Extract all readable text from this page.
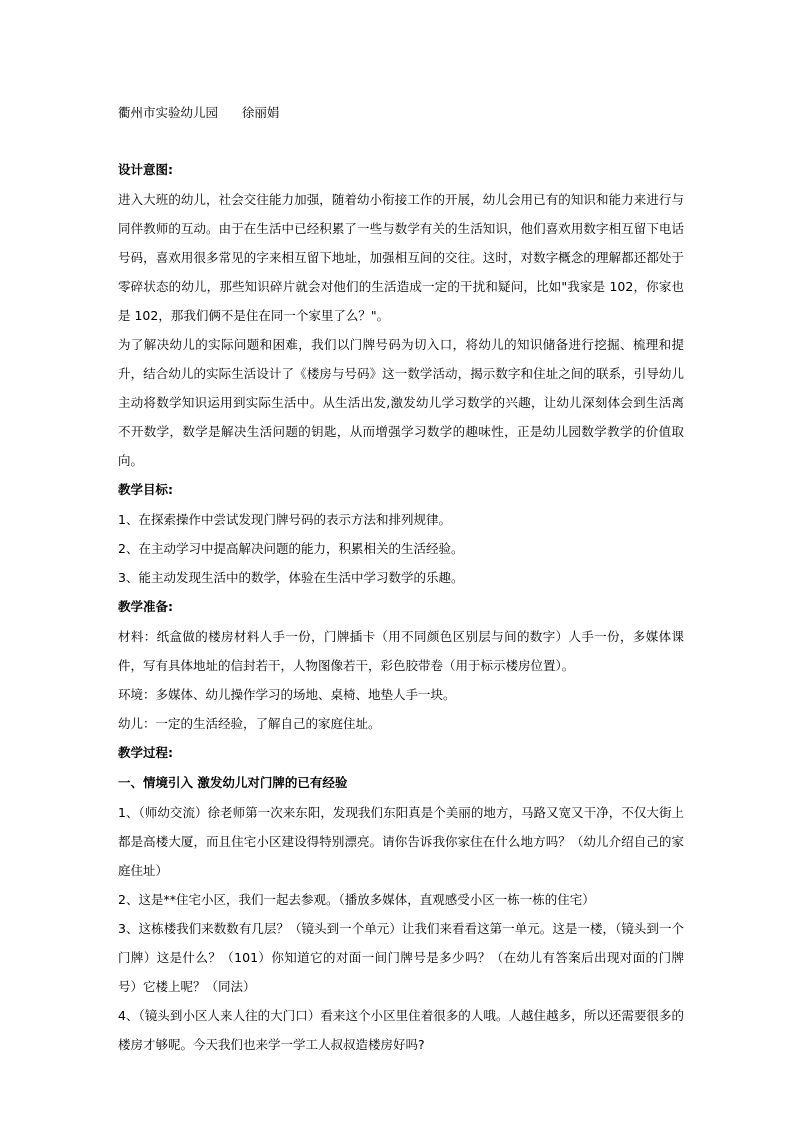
衢州市实验幼儿园 徐丽娟
设计意图:

进入大班的幼儿，社会交往能力加强，随着幼小衔接工作的开展，幼儿会用已有的知识和能力来进行与同伴教师的互动。由于在生活中已经积累了一些与数学有关的生活知识，他们喜欢用数字相互留下电话号码，喜欢用很多常见的字来相互留下地址，加强相互间的交往。这时，对数字概念的理解都还都处于零碎状态的幼儿，那些知识碎片就会对他们的生活造成一定的干扰和疑问，比如"我家是 102，你家也是 102，那我们俩不是住在同一个家里了么？"。

为了解决幼儿的实际问题和困难，我们以门牌号码为切入口，将幼儿的知识储备进行挖掘、梳理和提升，结合幼儿的实际生活设计了《楼房与号码》这一数学活动，揭示数字和住址之间的联系，引导幼儿主动将数学知识运用到实际生活中。从生活出发,激发幼儿学习数学的兴趣，让幼儿深刻体会到生活离不开数学，数学是解决生活问题的钥匙，从而增强学习数学的趣味性，正是幼儿园数学教学的价值取向。

教学目标:

1、在探索操作中尝试发现门牌号码的表示方法和排列规律。

2、在主动学习中提高解决问题的能力，积累相关的生活经验。

3、能主动发现生活中的数学，体验在生活中学习数学的乐趣。

教学准备:

材料：纸盒做的楼房材料人手一份，门牌插卡（用不同颜色区别层与间的数字）人手一份，多媒体课件，写有具体地址的信封若干，人物图像若干，彩色胶带卷（用于标示楼房位置）。

环境：多媒体、幼儿操作学习的场地、桌椅、地垫人手一块。

幼儿：一定的生活经验，了解自己的家庭住址。

教学过程:
一、情境引入 激发幼儿对门牌的已有经验

1、（师幼交流）徐老师第一次来东阳，发现我们东阳真是个美丽的地方，马路又宽又干净，不仅大街上都是高楼大厦，而且住宅小区建设得特别漂亮。请你告诉我你家住在什么地方吗？（幼儿介绍自己的家庭住址）

2、这是**住宅小区，我们一起去参观。（播放多媒体，直观感受小区一栋一栋的住宅）

3、这栋楼我们来数数有几层？（镜头到一个单元）让我们来看看这第一单元。这是一楼，（镜头到一个门牌）这是什么？（101）你知道它的对面一间门牌号是多少吗？（在幼儿有答案后出现对面的门牌号）它楼上呢？（同法）

4、（镜头到小区人来人往的大门口）看来这个小区里住着很多的人哦。人越住越多，所以还需要很多的楼房才够呢。今天我们也来学一学工人叔叔造楼房好吗?
